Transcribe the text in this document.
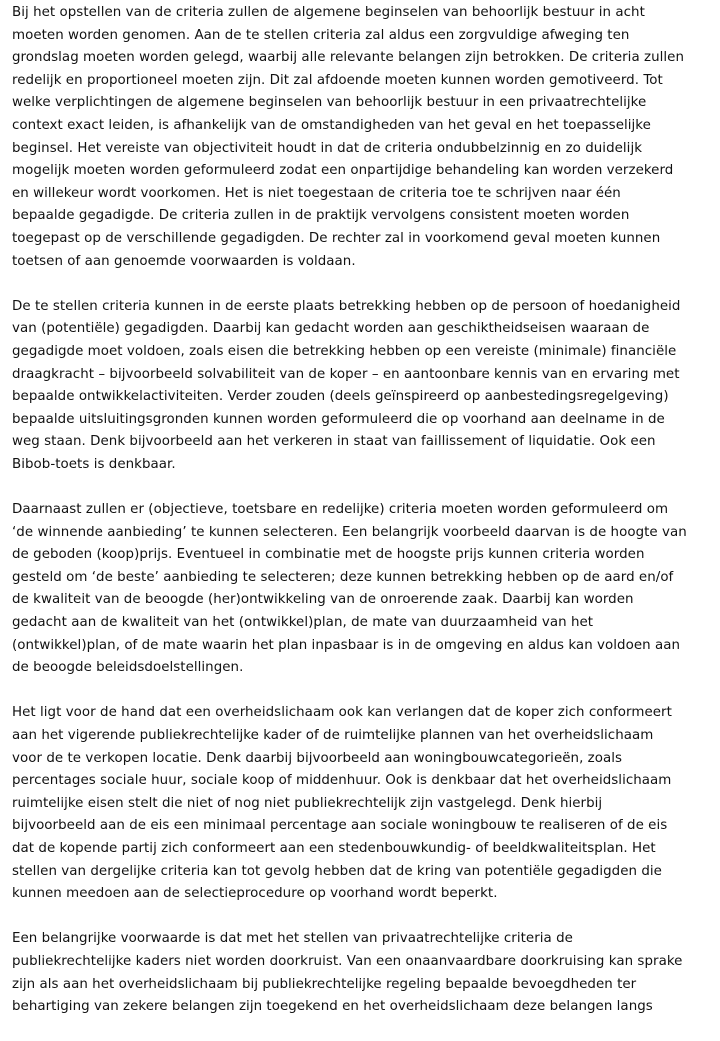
Bij het opstellen van de criteria zullen de algemene beginselen van behoorlijk bestuur in acht
moeten worden genomen. Aan de te stellen criteria zal aldus een zorgvuldige afweging ten
grondslag moeten worden gelegd, waarbij alle relevante belangen zijn betrokken. De criteria zullen
redelijk en proportioneel moeten zijn. Dit zal afdoende moeten kunnen worden gemotiveerd. Tot
welke verplichtingen de algemene beginselen van behoorlijk bestuur in een privaatrechtelijke
context exact leiden, is afhankelijk van de omstandigheden van het geval en het toepasselijke
beginsel. Het vereiste van objectiviteit houdt in dat de criteria ondubbelzinnig en zo duidelijk
mogelijk moeten worden geformuleerd zodat een onpartijdige behandeling kan worden verzekerd
en willekeur wordt voorkomen. Het is niet toegestaan de criteria toe te schrijven naar één
bepaalde gegadigde. De criteria zullen in de praktijk vervolgens consistent moeten worden
toegepast op de verschillende gegadigden. De rechter zal in voorkomend geval moeten kunnen
toetsen of aan genoemde voorwaarden is voldaan.

De te stellen criteria kunnen in de eerste plaats betrekking hebben op de persoon of hoedanigheid
van (potentiële) gegadigden. Daarbij kan gedacht worden aan geschiktheidseisen waaraan de
gegadigde moet voldoen, zoals eisen die betrekking hebben op een vereiste (minimale) financiële
draagkracht – bijvoorbeeld solvabiliteit van de koper – en aantoonbare kennis van en ervaring met
bepaalde ontwikkelactiviteiten. Verder zouden (deels geïnspireerd op aanbestedingsregelgeving)
bepaalde uitsluitingsgronden kunnen worden geformuleerd die op voorhand aan deelname in de
weg staan. Denk bijvoorbeeld aan het verkeren in staat van faillissement of liquidatie. Ook een
Bibob-toets is denkbaar.

Daarnaast zullen er (objectieve, toetsbare en redelijke) criteria moeten worden geformuleerd om
‘de winnende aanbieding’ te kunnen selecteren. Een belangrijk voorbeeld daarvan is de hoogte van
de geboden (koop)prijs. Eventueel in combinatie met de hoogste prijs kunnen criteria worden
gesteld om ‘de beste’ aanbieding te selecteren; deze kunnen betrekking hebben op de aard en/of
de kwaliteit van de beoogde (her)ontwikkeling van de onroerende zaak. Daarbij kan worden
gedacht aan de kwaliteit van het (ontwikkel)plan, de mate van duurzaamheid van het
(ontwikkel)plan, of de mate waarin het plan inpasbaar is in de omgeving en aldus kan voldoen aan
de beoogde beleidsdoelstellingen.

Het ligt voor de hand dat een overheidslichaam ook kan verlangen dat de koper zich conformeert
aan het vigerende publiekrechtelijke kader of de ruimtelijke plannen van het overheidslichaam
voor de te verkopen locatie. Denk daarbij bijvoorbeeld aan woningbouwcategorieën, zoals
percentages sociale huur, sociale koop of middenhuur. Ook is denkbaar dat het overheidslichaam
ruimtelijke eisen stelt die niet of nog niet publiekrechtelijk zijn vastgelegd. Denk hierbij
bijvoorbeeld aan de eis een minimaal percentage aan sociale woningbouw te realiseren of de eis
dat de kopende partij zich conformeert aan een stedenbouwkundig- of beeldkwaliteitsplan. Het
stellen van dergelijke criteria kan tot gevolg hebben dat de kring van potentiële gegadigden die
kunnen meedoen aan de selectieprocedure op voorhand wordt beperkt.

Een belangrijke voorwaarde is dat met het stellen van privaatrechtelijke criteria de
publiekrechtelijke kaders niet worden doorkruist. Van een onaanvaardbare doorkruising kan sprake
zijn als aan het overheidslichaam bij publiekrechtelijke regeling bepaalde bevoegdheden ter
behartiging van zekere belangen zijn toegekend en het overheidslichaam deze belangen langs
